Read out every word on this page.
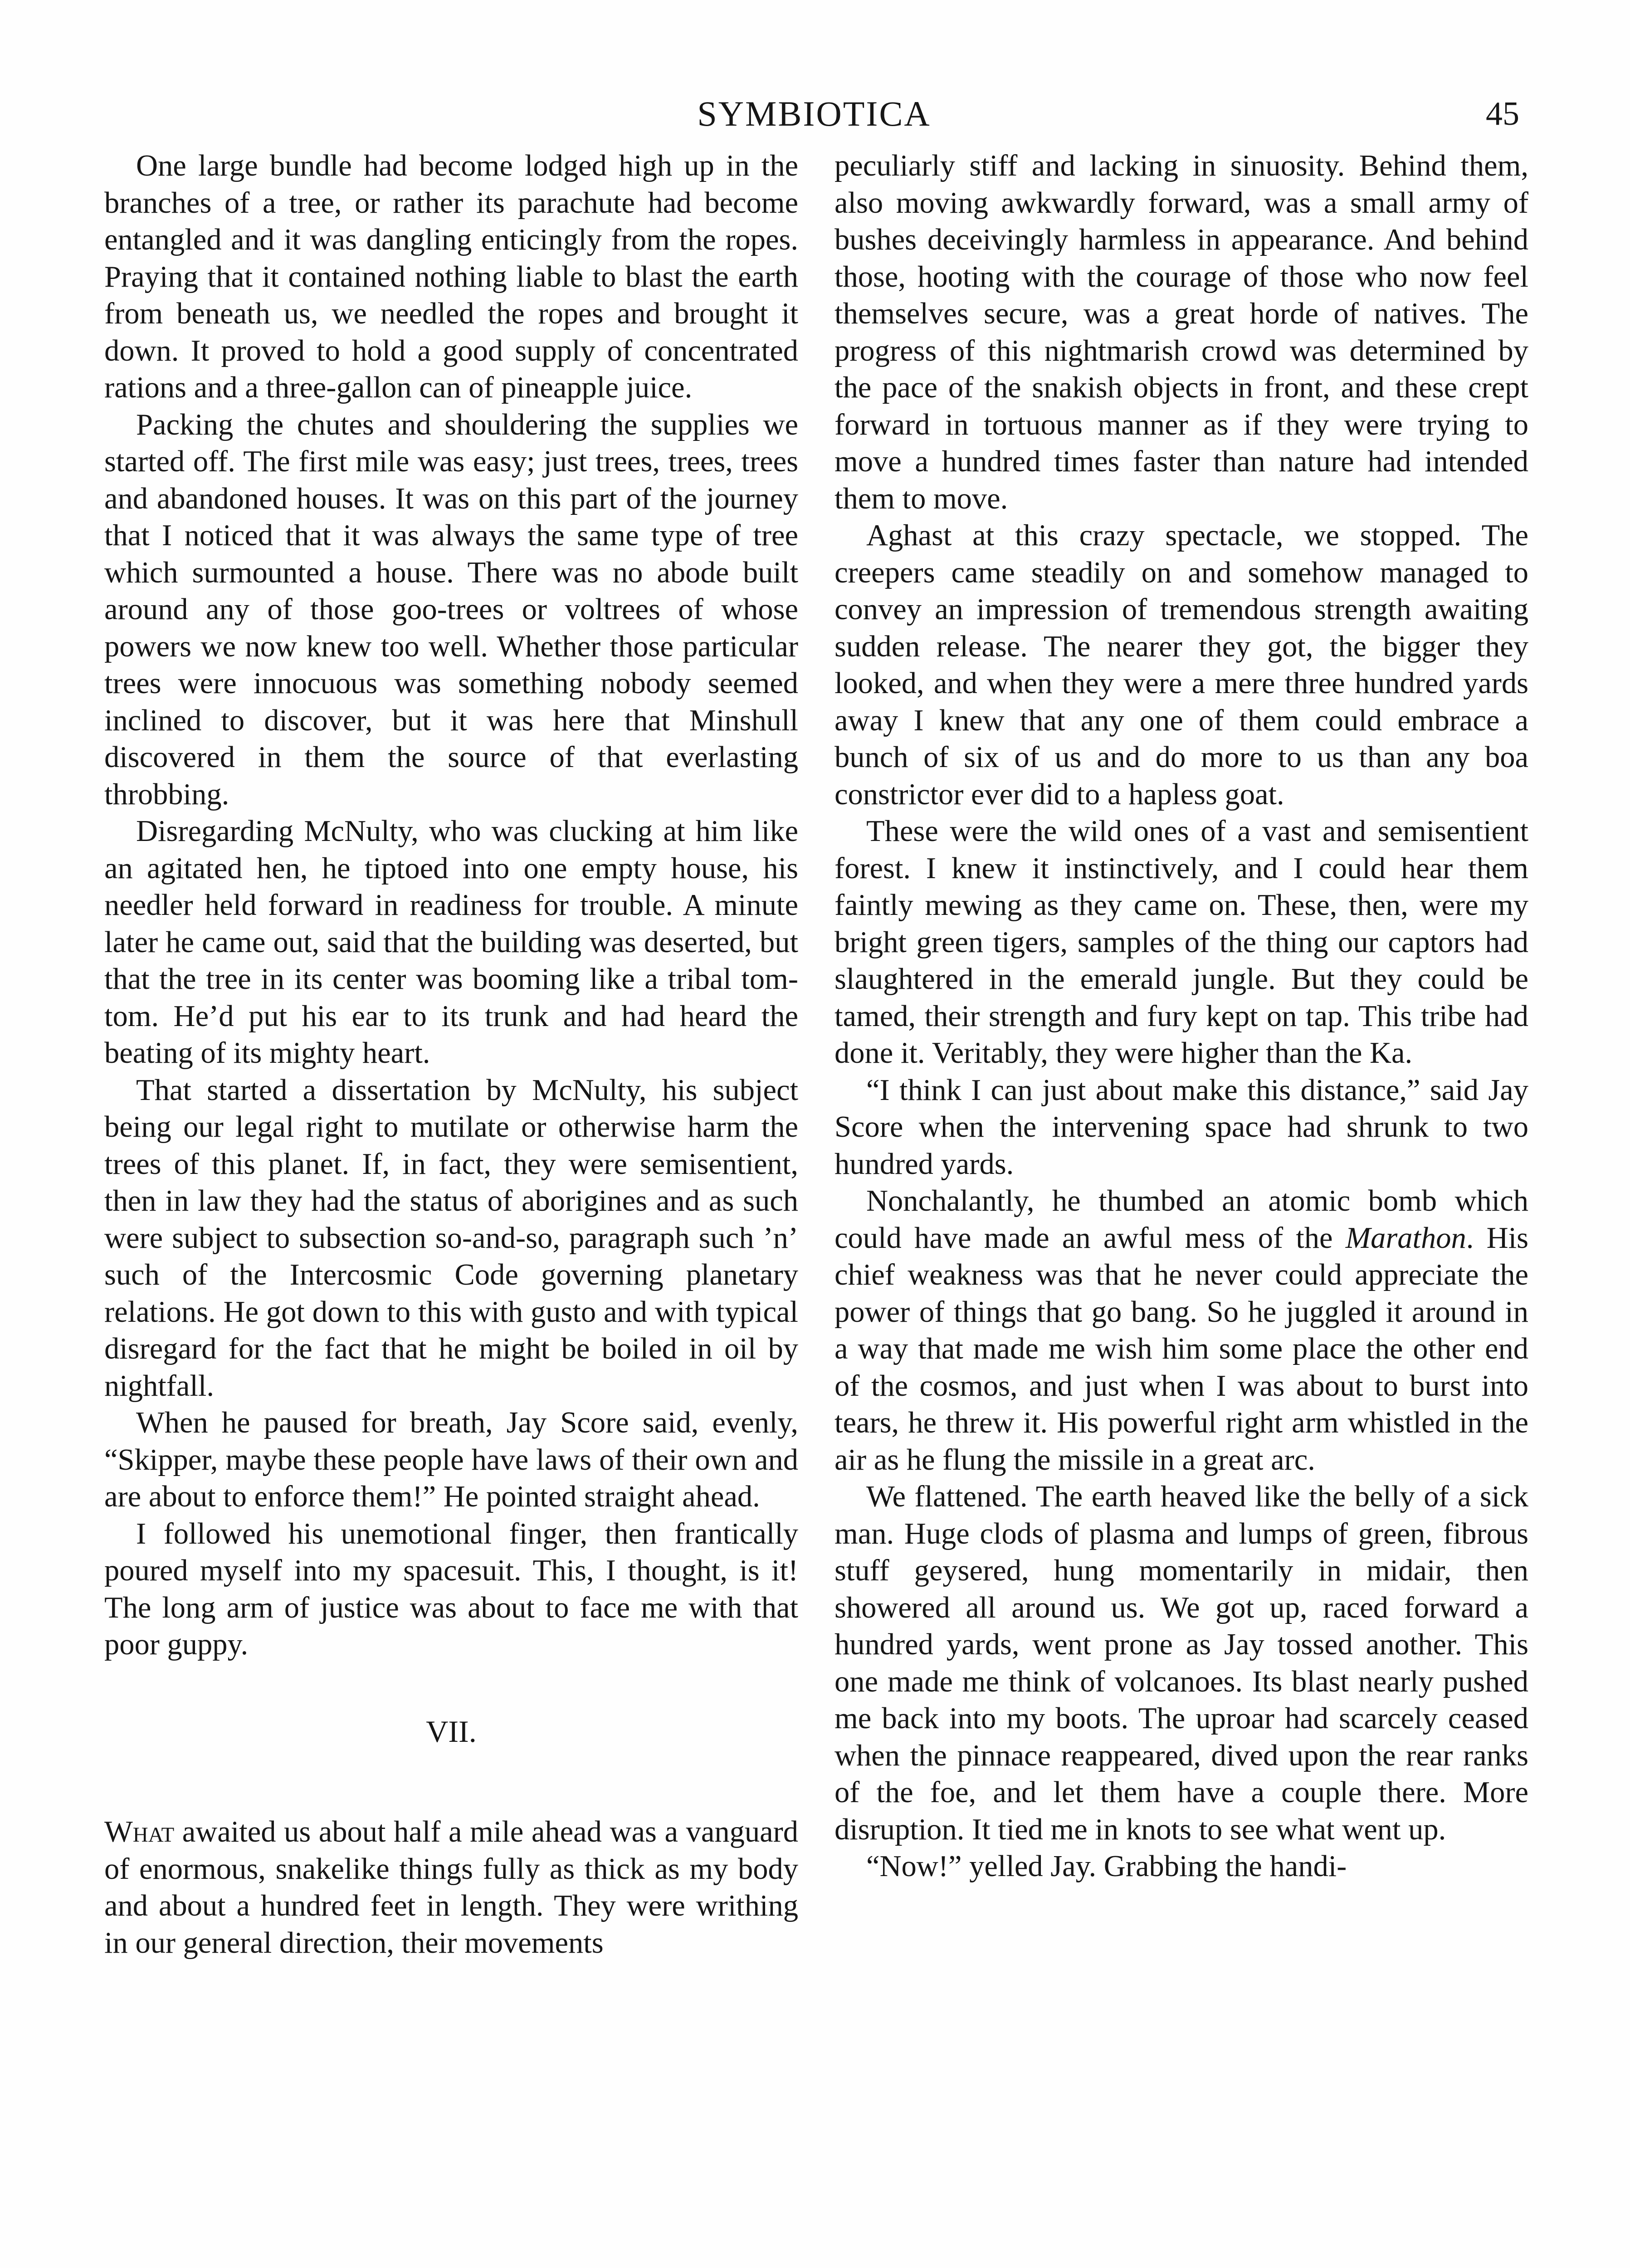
SYMBIOTICA	45

One large bundle had become lodged high up in the branches of a tree, or rather its parachute had become entangled and it was dangling enticingly from the ropes. Praying that it contained nothing liable to blast the earth from beneath us, we needled the ropes and brought it down. It proved to hold a good supply of concentrated rations and a three-gallon can of pineapple juice.

Packing the chutes and shouldering the supplies we started off. The first mile was easy; just trees, trees, trees and abandoned houses. It was on this part of the journey that I noticed that it was always the same type of tree which surmounted a house. There was no abode built around any of those goo-trees or voltrees of whose powers we now knew too well. Whether those particular trees were innocuous was something nobody seemed inclined to discover, but it was here that Minshull discovered in them the source of that everlasting throbbing.

Disregarding McNulty, who was clucking at him like an agitated hen, he tiptoed into one empty house, his needler held forward in readiness for trouble. A minute later he came out, said that the building was deserted, but that the tree in its center was booming like a tribal tom-tom. He’d put his ear to its trunk and had heard the beating of its mighty heart.

That started a dissertation by McNulty, his subject being our legal right to mutilate or otherwise harm the trees of this planet. If, in fact, they were semisentient, then in law they had the status of aborigines and as such were subject to subsection so-and-so, paragraph such ’n’ such of the Intercosmic Code governing planetary relations. He got down to this with gusto and with typical disregard for the fact that he might be boiled in oil by nightfall.

When he paused for breath, Jay Score said, evenly, “Skipper, maybe these people have laws of their own and are about to enforce them!” He pointed straight ahead.

I followed his unemotional finger, then frantically poured myself into my spacesuit. This, I thought, is it! The long arm of justice was about to face me with that poor guppy.

VII.

What awaited us about half a mile ahead was a vanguard of enormous, snakelike things fully as thick as my body and about a hundred feet in length. They were writhing in our general direction, their movements

peculiarly stiff and lacking in sinuosity. Behind them, also moving awkwardly forward, was a small army of bushes deceivingly harmless in appearance. And behind those, hooting with the courage of those who now feel themselves secure, was a great horde of natives. The progress of this nightmarish crowd was determined by the pace of the snakish objects in front, and these crept forward in tortuous manner as if they were trying to move a hundred times faster than nature had intended them to move.

Aghast at this crazy spectacle, we stopped. The creepers came steadily on and somehow managed to convey an impression of tremendous strength awaiting sudden release. The nearer they got, the bigger they looked, and when they were a mere three hundred yards away I knew that any one of them could embrace a bunch of six of us and do more to us than any boa constrictor ever did to a hapless goat.

These were the wild ones of a vast and semisentient forest. I knew it instinctively, and I could hear them faintly mewing as they came on. These, then, were my bright green tigers, samples of the thing our captors had slaughtered in the emerald jungle. But they could be tamed, their strength and fury kept on tap. This tribe had done it. Veritably, they were higher than the Ka.

“I think I can just about make this distance,” said Jay Score when the intervening space had shrunk to two hundred yards.

Nonchalantly, he thumbed an atomic bomb which could have made an awful mess of the Marathon. His chief weakness was that he never could appreciate the power of things that go bang. So he juggled it around in a way that made me wish him some place the other end of the cosmos, and just when I was about to burst into tears, he threw it. His powerful right arm whistled in the air as he flung the missile in a great arc.

We flattened. The earth heaved like the belly of a sick man. Huge clods of plasma and lumps of green, fibrous stuff geysered, hung momentarily in midair, then showered all around us. We got up, raced forward a hundred yards, went prone as Jay tossed another. This one made me think of volcanoes. Its blast nearly pushed me back into my boots. The uproar had scarcely ceased when the pinnace reappeared, dived upon the rear ranks of the foe, and let them have a couple there. More disruption. It tied me in knots to see what went up.

“Now!” yelled Jay. Grabbing the handi-
